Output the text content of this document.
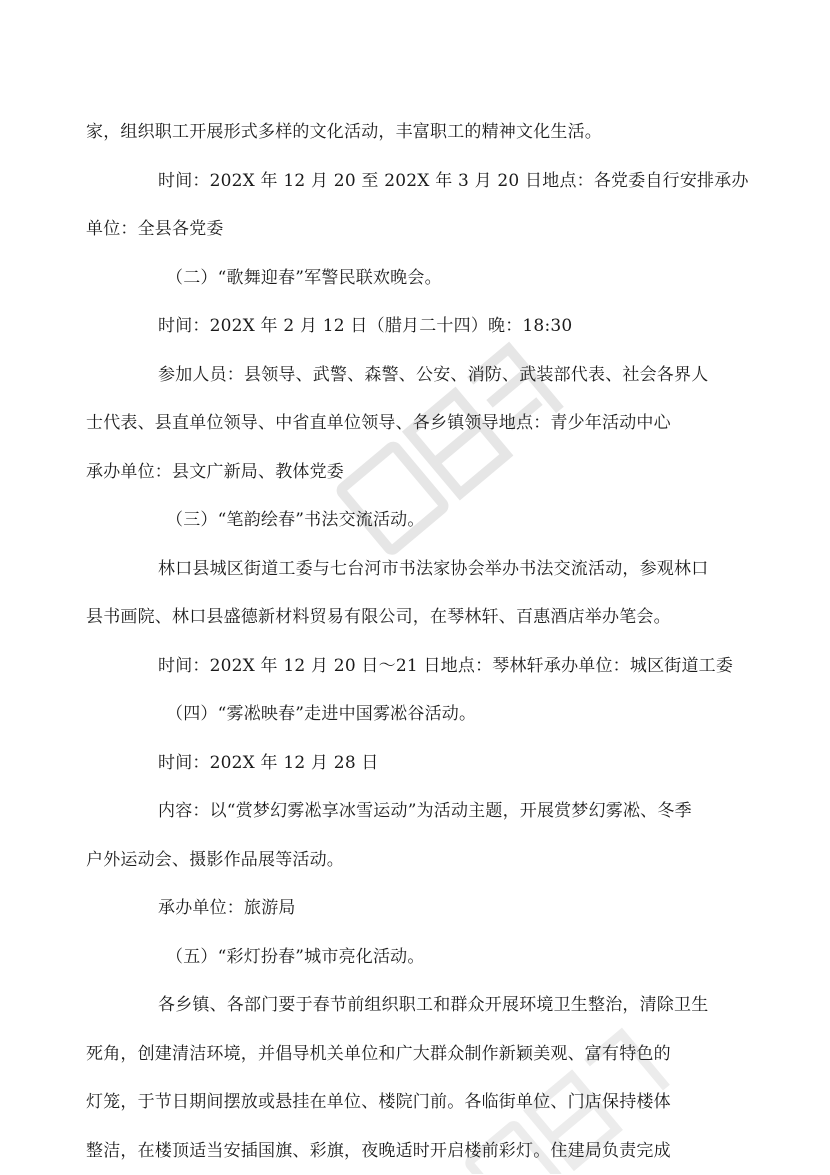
家，组织职工开展形式多样的文化活动，丰富职工的精神文化生活。
时间：202X 年 12 月 20 至 202X 年 3 月 20 日地点：各党委自行安排承办
单位：全县各党委
（二）“歌舞迎春”军警民联欢晚会。
时间：202X 年 2 月 12 日（腊月二十四）晚：18:30
参加人员：县领导、武警、森警、公安、消防、武装部代表、社会各界人
士代表、县直单位领导、中省直单位领导、各乡镇领导地点：青少年活动中心
承办单位：县文广新局、教体党委
（三）“笔韵绘春”书法交流活动。
林口县城区街道工委与七台河市书法家协会举办书法交流活动，参观林口
县书画院、林口县盛德新材料贸易有限公司，在琴林轩、百惠酒店举办笔会。
时间：202X 年 12 月 20 日～21 日地点：琴林轩承办单位：城区街道工委
（四）“雾凇映春”走进中国雾凇谷活动。
时间：202X 年 12 月 28 日
内容：以“赏梦幻雾凇享冰雪运动”为活动主题，开展赏梦幻雾凇、冬季
户外运动会、摄影作品展等活动。
承办单位：旅游局
（五）“彩灯扮春”城市亮化活动。
各乡镇、各部门要于春节前组织职工和群众开展环境卫生整治，清除卫生
死角，创建清洁环境，并倡导机关单位和广大群众制作新颖美观、富有特色的
灯笼，于节日期间摆放或悬挂在单位、楼院门前。各临街单位、门店保持楼体
整洁，在楼顶适当安插国旗、彩旗，夜晚适时开启楼前彩灯。住建局负责完成
